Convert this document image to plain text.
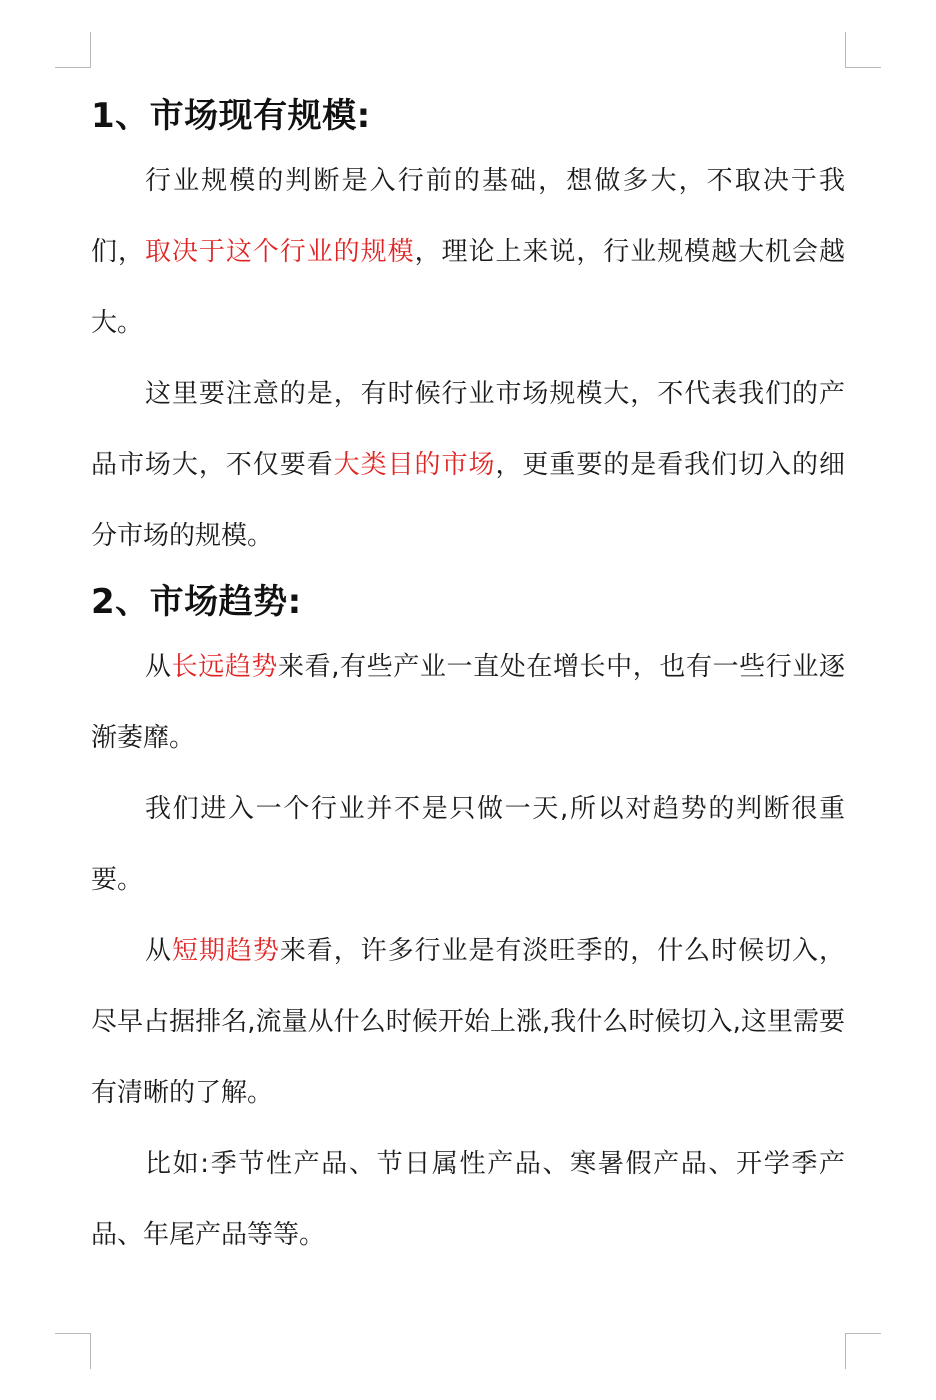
1、市场现有规模:

行业规模的判断是入行前的基础，想做多大，不取决于我们，取决于这个行业的规模，理论上来说，行业规模越大机会越大。

这里要注意的是，有时候行业市场规模大，不代表我们的产品市场大，不仅要看大类目的市场，更重要的是看我们切入的细分市场的规模。

2、市场趋势:

从长远趋势来看,有些产业一直处在增长中，也有一些行业逐渐萎靡。

我们进入一个行业并不是只做一天,所以对趋势的判断很重要。

从短期趋势来看，许多行业是有淡旺季的，什么时候切入，尽早占据排名,流量从什么时候开始上涨,我什么时候切入,这里需要有清晰的了解。

比如:季节性产品、节日属性产品、寒暑假产品、开学季产品、年尾产品等等。
